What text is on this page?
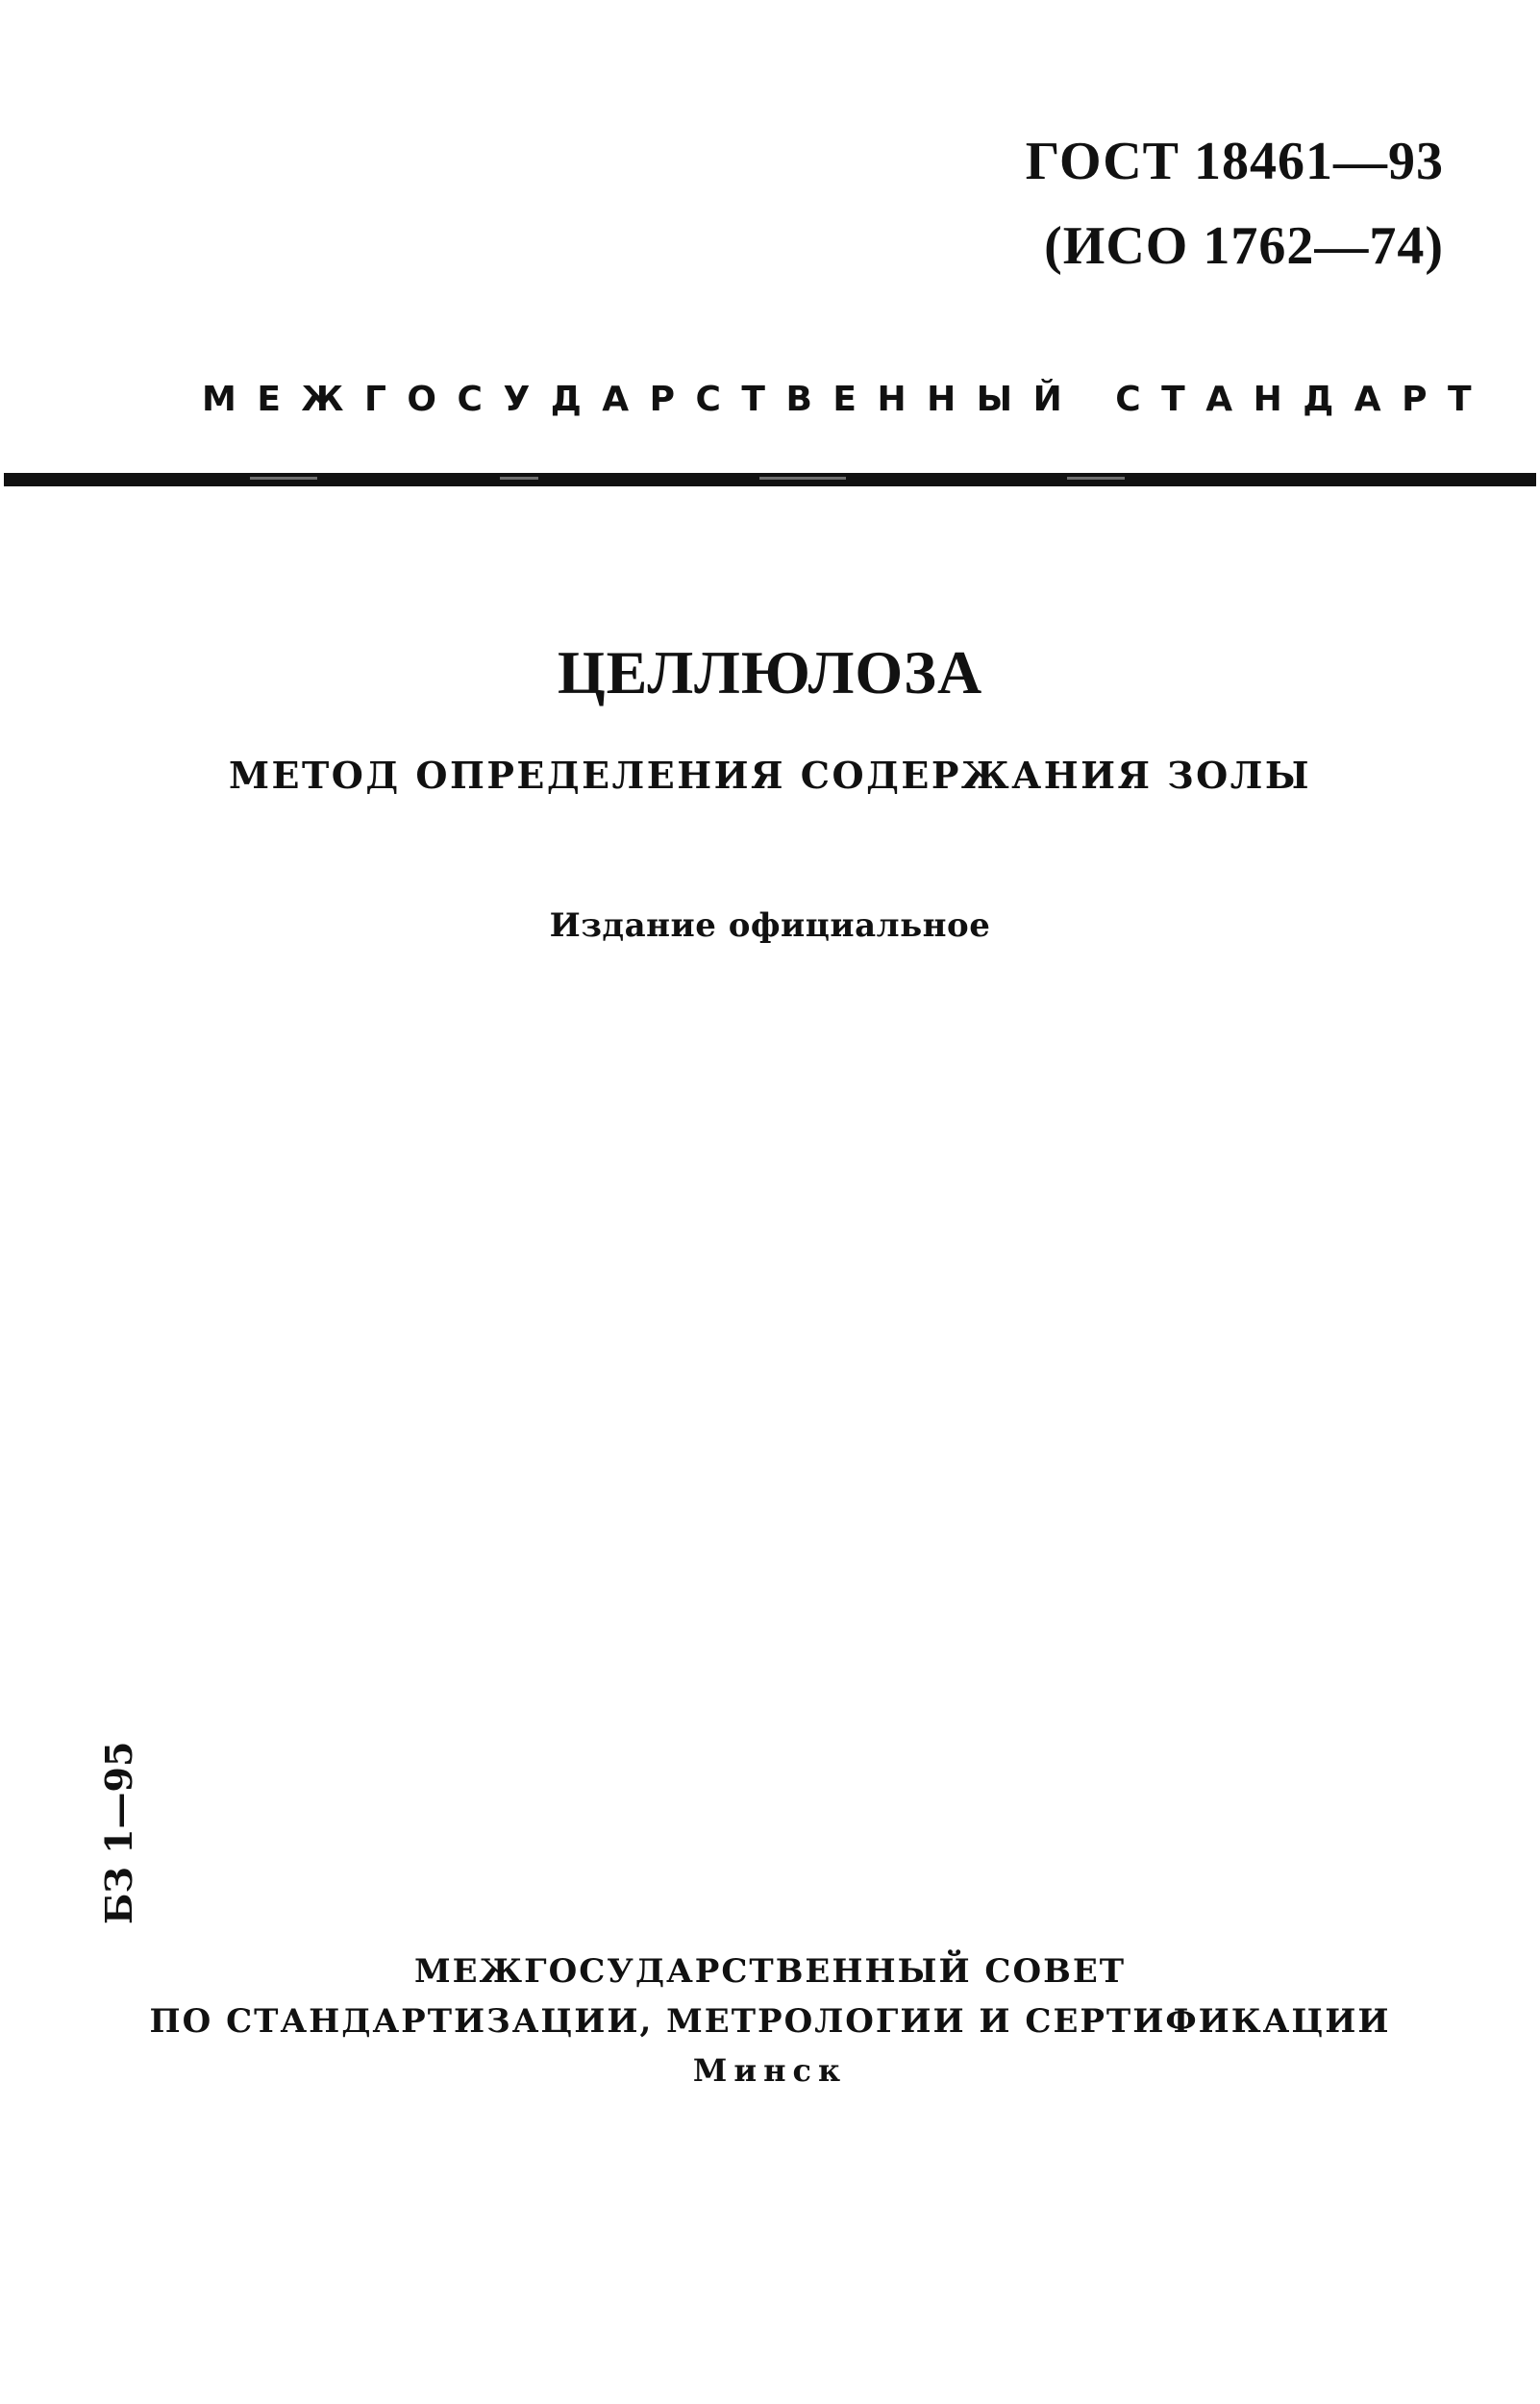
ГОСТ 18461—93
(ИСО 1762—74)
МЕЖГОСУДАРСТВЕННЫЙ СТАНДАРТ
ЦЕЛЛЮЛОЗА
МЕТОД ОПРЕДЕЛЕНИЯ СОДЕРЖАНИЯ ЗОЛЫ
Издание официальное
БЗ 1—95
МЕЖГОСУДАРСТВЕННЫЙ СОВЕТ
ПО СТАНДАРТИЗАЦИИ, МЕТРОЛОГИИ И СЕРТИФИКАЦИИ
Минск
